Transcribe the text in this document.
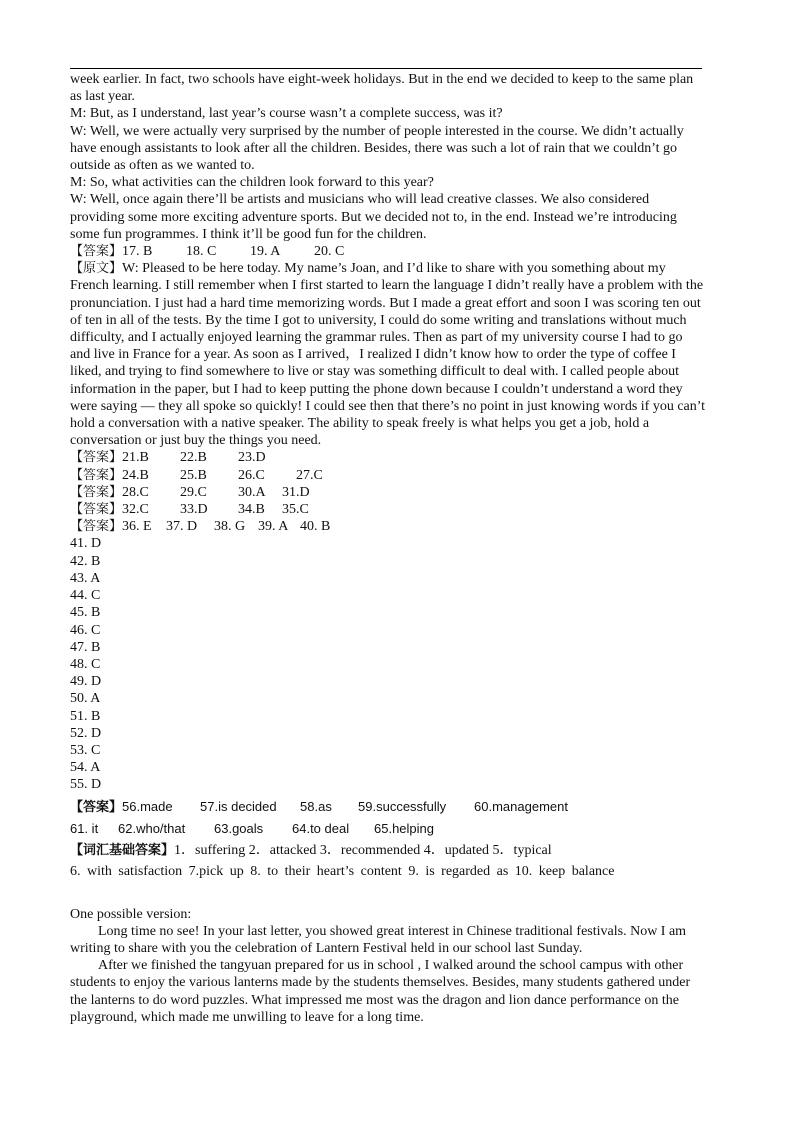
week earlier. In fact, two schools have eight-week holidays. But in the end we decided to keep to the same plan as last year.

M: But, as I understand, last year’s course wasn’t a complete success, was it?

W: Well, we were actually very surprised by the number of people interested in the course. We didn’t actually have enough assistants to look after all the children. Besides, there was such a lot of rain that we couldn’t go outside as often as we wanted to.

M: So, what activities can the children look forward to this year?

W: Well, once again there’ll be artists and musicians who will lead creative classes. We also considered providing some more exciting adventure sports. But we decided not to, in the end. Instead we’re introducing some fun programmes. I think it’ll be good fun for the children.

【答案】 17. B	18. C	19. A	20. C

【原文】W: Pleased to be here today. My name’s Joan, and I’d like to share with you something about my French learning. I still remember when I first started to learn the language I didn’t really have a problem with the pronunciation. I just had a hard time memorizing words. But I made a great effort and soon I was scoring ten out of ten in all of the tests. By the time I got to university, I could do some writing and translations without much difficulty, and I actually enjoyed learning the grammar rules. Then as part of my university course I had to go and live in France for a year. As soon as I arrived，I realized I didn’t know how to order the type of coffee I liked, and trying to find somewhere to live or stay was something difficult to deal with. I called people about information in the paper, but I had to keep putting the phone down because I couldn’t understand a word they were saying — they all spoke so quickly! I could see then that there’s no point in just knowing words if you can’t hold a conversation with a native speaker. The ability to speak freely is what helps you get a job, hold a conversation or just buy the things you need.

【答案】 21.B	22.B	23.D
【答案】 24.B	25.B	26.C	27.C
【答案】 28.C	29.C	30.A	31.D
【答案】 32.C	33.D	34.B	35.C
【答案】 36. E	37. D	38. G 39. A 40. B

41. D

42. B

43. A

44. C

45. B

46. C

47. B

48. C

49. D

50. A

51. B

52. D

53. C

54. A

55. D

【答案】56.made 57.is decided 58.as 59.successfully 60.management
61. it 62.who/that 63.goals 64.to deal 65.helping
【词汇基础答案】1．suffering 2．attacked 3．recommended 4．updated 5．typical
6. with satisfaction 7.pick up 8. to their heart’s content 9. is regarded as 10. keep balance

One possible version:

Long time no see! In your last letter, you showed great interest in Chinese traditional festivals. Now I am writing to share with you the celebration of Lantern Festival held in our school last Sunday.

After we finished the tangyuan prepared for us in school , I walked around the school campus with other students to enjoy the various lanterns made by the students themselves. Besides, many students gathered under the lanterns to do word puzzles. What impressed me most was the dragon and lion dance performance on the playground, which made me unwilling to leave for a long time.
